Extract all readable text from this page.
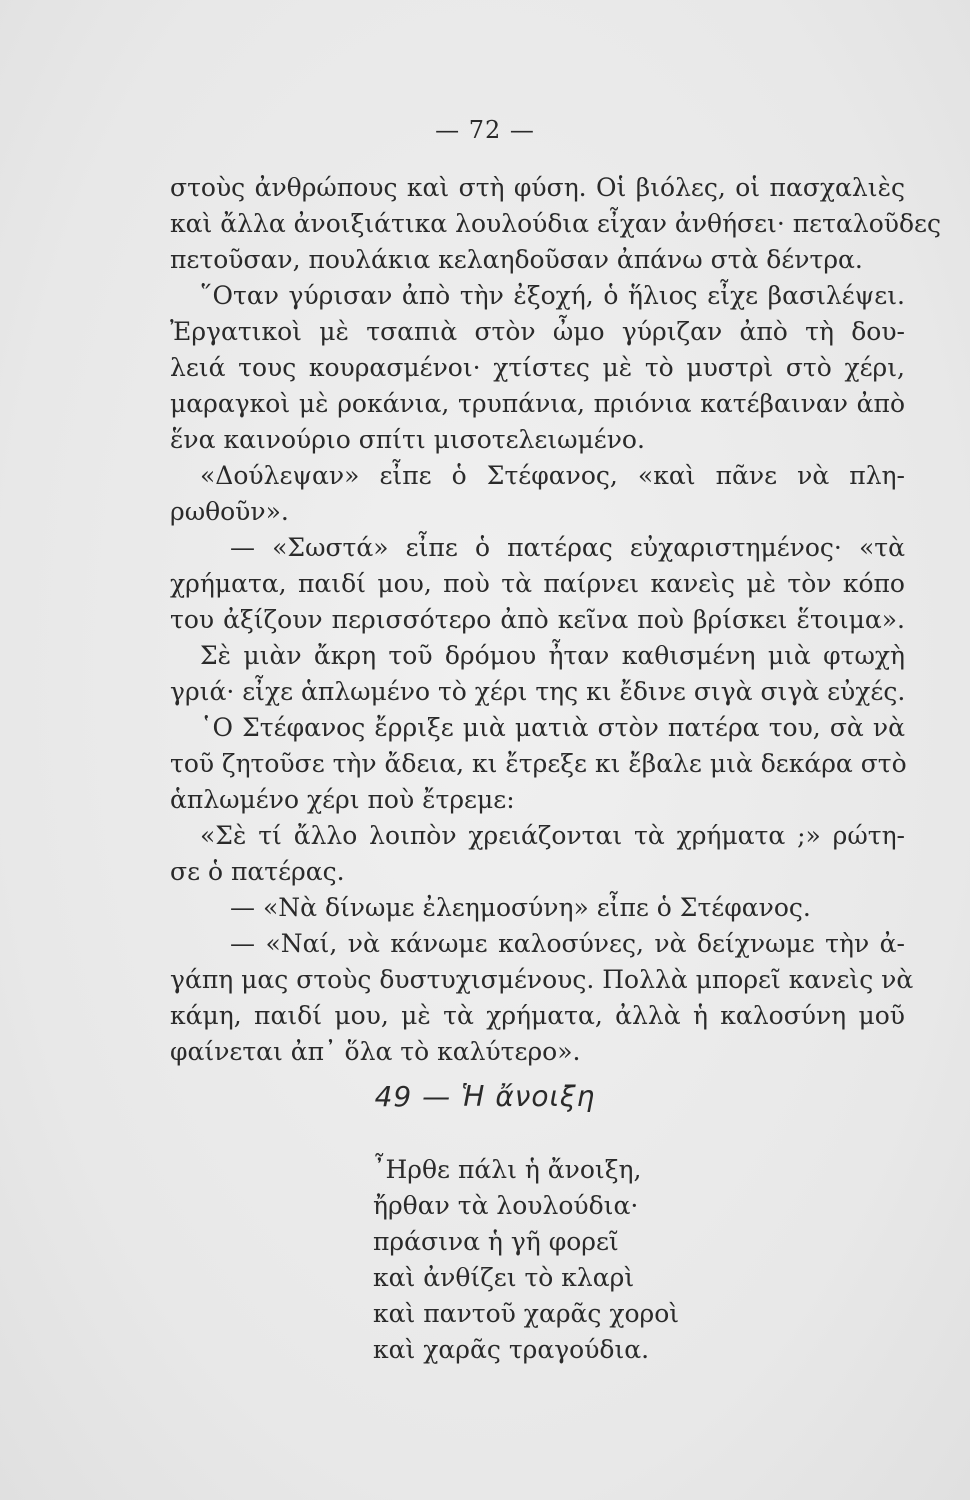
— 72 —
στοὺς ἀνθρώπους καὶ στὴ φύση. Οἱ βιόλες, οἱ πασχαλιὲς
καὶ ἄλλα ἀνοιξιάτικα λουλούδια εἶχαν ἀνθήσει· πεταλοῦδες
πετοῦσαν, πουλάκια κελαηδοῦσαν ἀπάνω στὰ δέντρα.
῞Οταν γύρισαν ἀπὸ τὴν ἐξοχή, ὁ ἥλιος εἶχε βασιλέψει.
Ἐργατικοὶ μὲ τσαπιὰ στὸν ὦμο γύριζαν ἀπὸ τὴ δου-
λειά τους κουρασμένοι· χτίστες μὲ τὸ μυστρὶ στὸ χέρι,
μαραγκοὶ μὲ ροκάνια, τρυπάνια, πριόνια κατέβαιναν ἀπὸ
ἕνα καινούριο σπίτι μισοτελειωμένο.
«Δούλεψαν» εἶπε ὁ Στέφανος, «καὶ πᾶνε νὰ πλη-
ρωθοῦν».
— «Σωστά» εἶπε ὁ πατέρας εὐχαριστημένος· «τὰ
χρήματα, παιδί μου, ποὺ τὰ παίρνει κανεὶς μὲ τὸν κόπο
του ἀξίζουν περισσότερο ἀπὸ κεῖνα ποὺ βρίσκει ἕτοιμα».
Σὲ μιὰν ἄκρη τοῦ δρόμου ἦταν καθισμένη μιὰ φτωχὴ
γριά· εἶχε ἁπλωμένο τὸ χέρι της κι ἔδινε σιγὰ σιγὰ εὐχές.
῾Ο Στέφανος ἔρριξε μιὰ ματιὰ στὸν πατέρα του, σὰ νὰ
τοῦ ζητοῦσε τὴν ἄδεια, κι ἔτρεξε κι ἔβαλε μιὰ δεκάρα στὸ
ἁπλωμένο χέρι ποὺ ἔτρεμε:
«Σὲ τί ἄλλο λοιπὸν χρειάζονται τὰ χρήματα ;» ρώτη-
σε ὁ πατέρας.
— «Νὰ δίνωμε ἐλεημοσύνη» εἶπε ὁ Στέφανος.
— «Ναί, νὰ κάνωμε καλοσύνες, νὰ δείχνωμε τὴν ἀ-
γάπη μας στοὺς δυστυχισμένους. Πολλὰ μπορεῖ κανεὶς νὰ
κάμη, παιδί μου, μὲ τὰ χρήματα, ἀλλὰ ἡ καλοσύνη μοῦ
φαίνεται ἀπ᾿ ὅλα τὸ καλύτερο».
49 — Ἡ ἄνοιξη
῏Ηρθε πάλι ἡ ἄνοιξη,
ἤρθαν τὰ λουλούδια·
πράσινα ἡ γῆ φορεῖ
καὶ ἀνθίζει τὸ κλαρὶ
καὶ παντοῦ χαρᾶς χοροὶ
καὶ χαρᾶς τραγούδια.
